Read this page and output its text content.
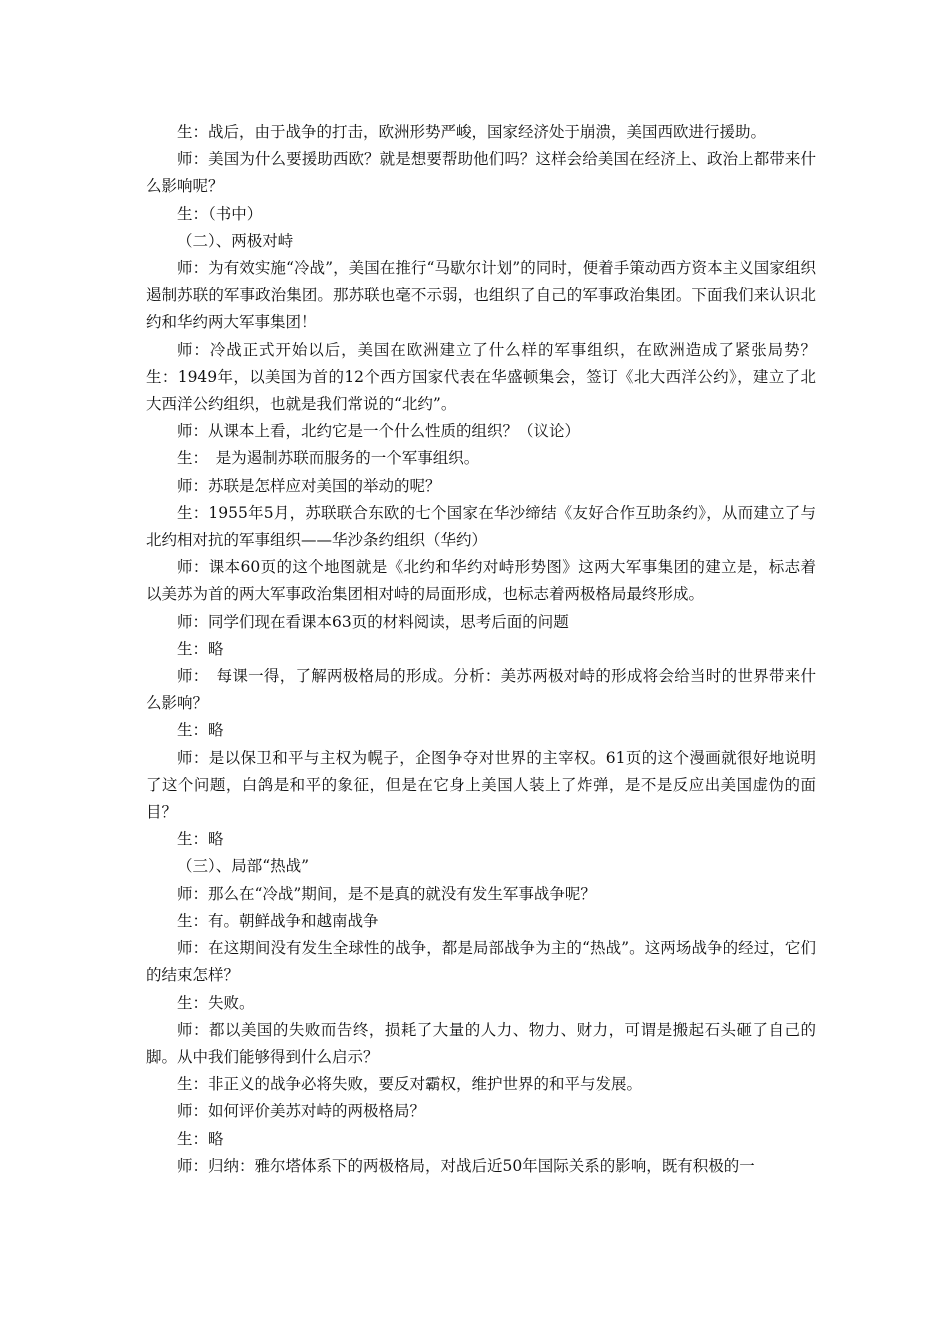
生：战后，由于战争的打击，欧洲形势严峻，国家经济处于崩溃，美国西欧进行援助。

师：美国为什么要援助西欧？就是想要帮助他们吗？这样会给美国在经济上、政治上都带来什么影响呢？

生：（书中）

（二）、两极对峙

师：为有效实施“冷战”，美国在推行“马歇尔计划”的同时，便着手策动西方资本主义国家组织遏制苏联的军事政治集团。那苏联也毫不示弱，也组织了自己的军事政治集团。下面我们来认识北约和华约两大军事集团！

师：冷战正式开始以后，美国在欧洲建立了什么样的军事组织，在欧洲造成了紧张局势？　　生：1949年，以美国为首的12个西方国家代表在华盛顿集会，签订《北大西洋公约》，建立了北大西洋公约组织，也就是我们常说的“北约”。

师：从课本上看，北约它是一个什么性质的组织？（议论）

生：　是为遏制苏联而服务的一个军事组织。

师：苏联是怎样应对美国的举动的呢？

生：1955年5月，苏联联合东欧的七个国家在华沙缔结《友好合作互助条约》，从而建立了与北约相对抗的军事组织——华沙条约组织（华约）

师：课本60页的这个地图就是《北约和华约对峙形势图》这两大军事集团的建立是，标志着以美苏为首的两大军事政治集团相对峙的局面形成，也标志着两极格局最终形成。

师：同学们现在看课本63页的材料阅读，思考后面的问题

生：略

师：　每课一得，了解两极格局的形成。分析：美苏两极对峙的形成将会给当时的世界带来什么影响？

生：略

师：是以保卫和平与主权为幌子，企图争夺对世界的主宰权。61页的这个漫画就很好地说明了这个问题，白鸽是和平的象征，但是在它身上美国人装上了炸弹，是不是反应出美国虚伪的面目？

生：略

（三）、局部“热战”

师：那么在“冷战”期间，是不是真的就没有发生军事战争呢？

生：有。朝鲜战争和越南战争

师：在这期间没有发生全球性的战争，都是局部战争为主的“热战”。这两场战争的经过，它们的结束怎样？

生：失败。

师：都以美国的失败而告终，损耗了大量的人力、物力、财力，可谓是搬起石头砸了自己的脚。从中我们能够得到什么启示？

生：非正义的战争必将失败，要反对霸权，维护世界的和平与发展。

师：如何评价美苏对峙的两极格局？

生：略

师：归纳：雅尔塔体系下的两极格局，对战后近50年国际关系的影响，既有积极的一
